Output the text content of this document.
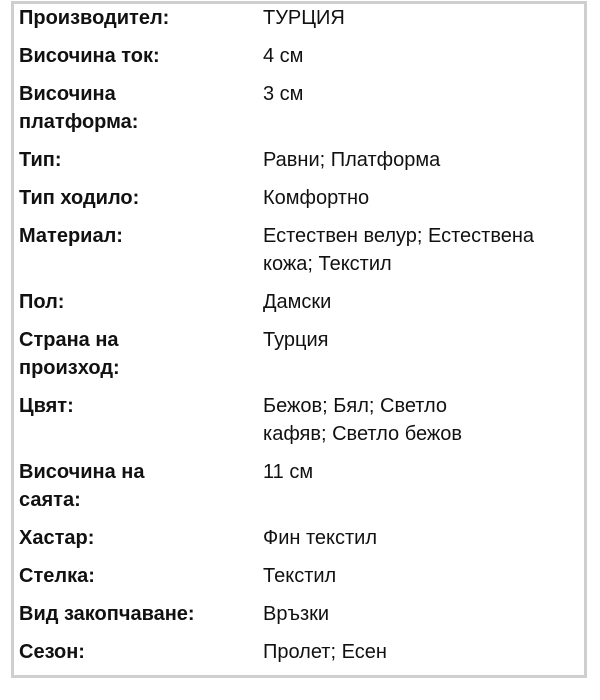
Производител:	ТУРЦИЯ
Височина ток:	4 см

Височина платформа:	3 см
Тип:	Равни; Платформа
Тип ходило:	Комфортно
Материал:	Естествен велур; Естествена кожа; Текстил

Пол:	Дамски

Страна на произход:	Турция
Цвят:	Бежов; Бял; Светло кафяв; Светло бежов

Височина на саята:	11 см
Хастар:	Фин текстил
Стелка:	Текстил
Вид закопчаване:	Връзки
Сезон:	Пролет; Есен
